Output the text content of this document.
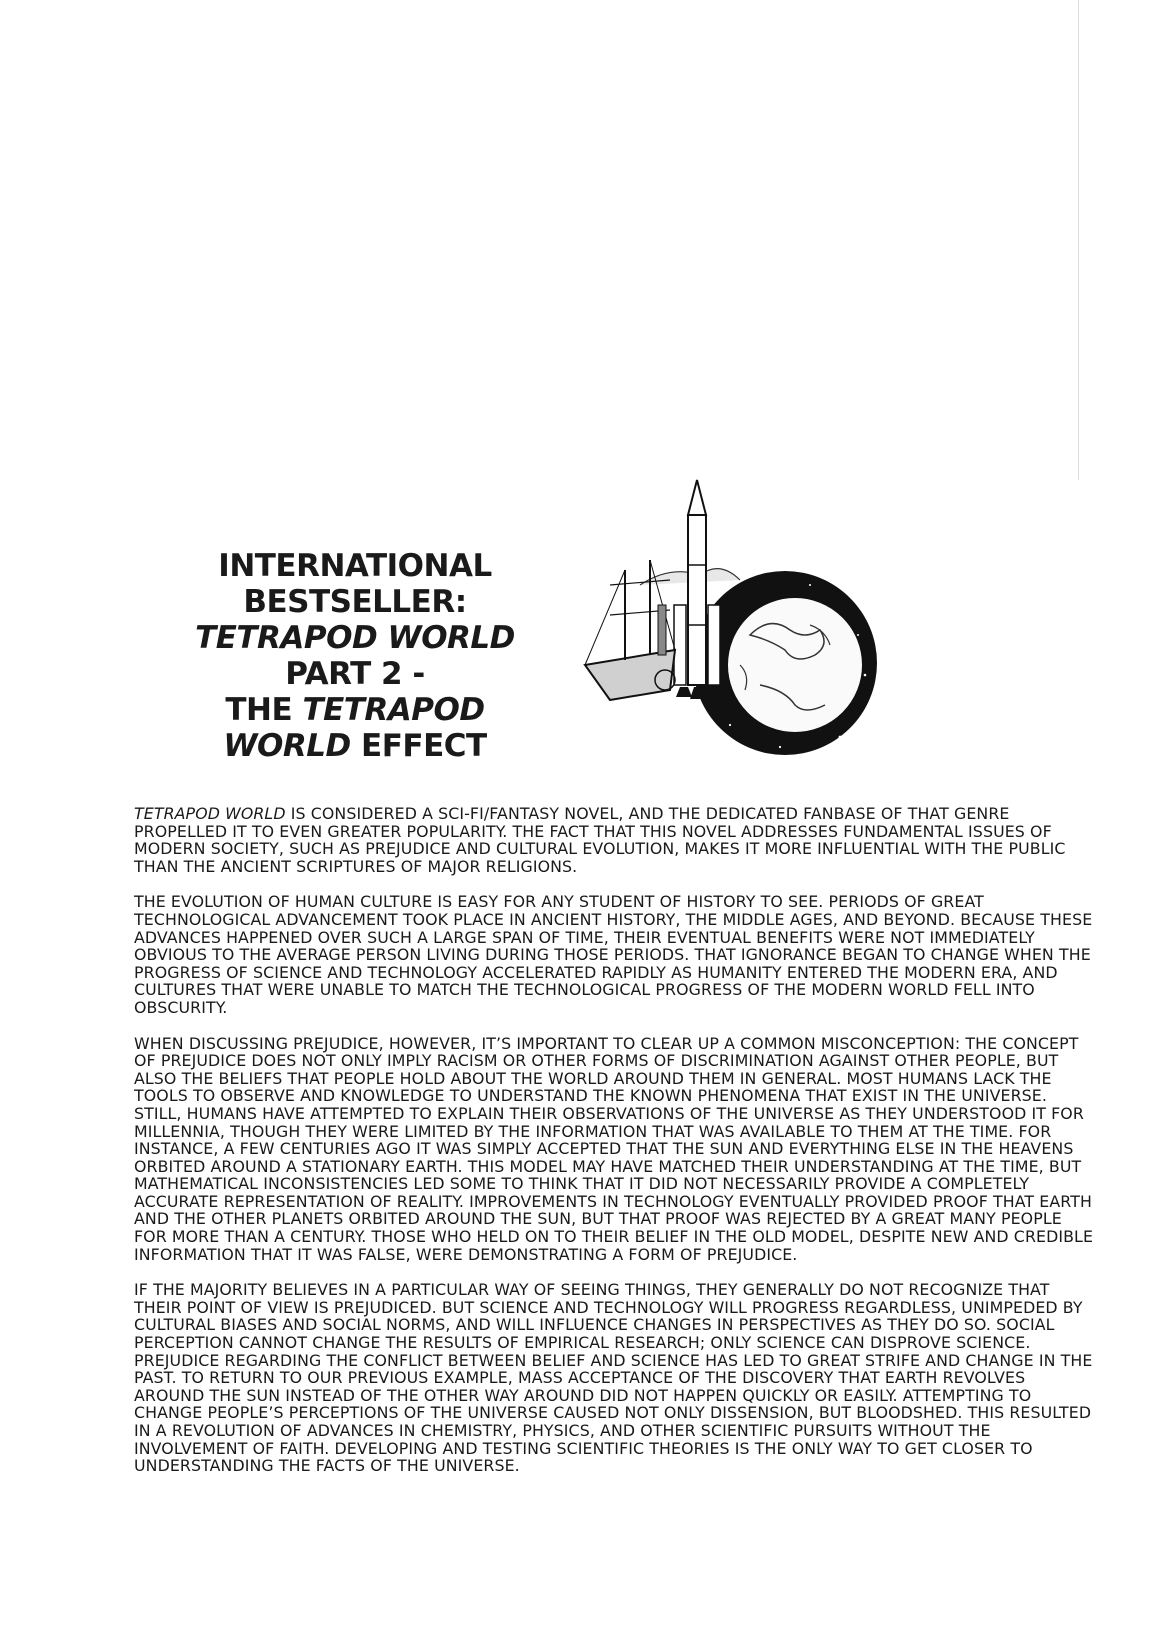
INTERNATIONAL
BESTSELLER:
TETRAPOD WORLD
PART 2 -
THE TETRAPOD
WORLD EFFECT

TETRAPOD WORLD IS CONSIDERED A SCI-FI/FANTASY NOVEL, AND THE DEDICATED FANBASE OF THAT GENRE PROPELLED IT TO EVEN GREATER POPULARITY. THE FACT THAT THIS NOVEL ADDRESSES FUNDAMENTAL ISSUES OF MODERN SOCIETY, SUCH AS PREJUDICE AND CULTURAL EVOLUTION, MAKES IT MORE INFLUENTIAL WITH THE PUBLIC THAN THE ANCIENT SCRIPTURES OF MAJOR RELIGIONS.

THE EVOLUTION OF HUMAN CULTURE IS EASY FOR ANY STUDENT OF HISTORY TO SEE. PERIODS OF GREAT TECHNOLOGICAL ADVANCEMENT TOOK PLACE IN ANCIENT HISTORY, THE MIDDLE AGES, AND BEYOND. BECAUSE THESE ADVANCES HAPPENED OVER SUCH A LARGE SPAN OF TIME, THEIR EVENTUAL BENEFITS WERE NOT IMMEDIATELY OBVIOUS TO THE AVERAGE PERSON LIVING DURING THOSE PERIODS. THAT IGNORANCE BEGAN TO CHANGE WHEN THE PROGRESS OF SCIENCE AND TECHNOLOGY ACCELERATED RAPIDLY AS HUMANITY ENTERED THE MODERN ERA, AND CULTURES THAT WERE UNABLE TO MATCH THE TECHNOLOGICAL PROGRESS OF THE MODERN WORLD FELL INTO OBSCURITY.

WHEN DISCUSSING PREJUDICE, HOWEVER, IT’S IMPORTANT TO CLEAR UP A COMMON MISCONCEPTION: THE CONCEPT OF PREJUDICE DOES NOT ONLY IMPLY RACISM OR OTHER FORMS OF DISCRIMINATION AGAINST OTHER PEOPLE, BUT ALSO THE BELIEFS THAT PEOPLE HOLD ABOUT THE WORLD AROUND THEM IN GENERAL. MOST HUMANS LACK THE TOOLS TO OBSERVE AND KNOWLEDGE TO UNDERSTAND THE KNOWN PHENOMENA THAT EXIST IN THE UNIVERSE. STILL, HUMANS HAVE ATTEMPTED TO EXPLAIN THEIR OBSERVATIONS OF THE UNIVERSE AS THEY UNDERSTOOD IT FOR MILLENNIA, THOUGH THEY WERE LIMITED BY THE INFORMATION THAT WAS AVAILABLE TO THEM AT THE TIME. FOR INSTANCE, A FEW CENTURIES AGO IT WAS SIMPLY ACCEPTED THAT THE SUN AND EVERYTHING ELSE IN THE HEAVENS ORBITED AROUND A STATIONARY EARTH. THIS MODEL MAY HAVE MATCHED THEIR UNDERSTANDING AT THE TIME, BUT MATHEMATICAL INCONSISTENCIES LED SOME TO THINK THAT IT DID NOT NECESSARILY PROVIDE A COMPLETELY ACCURATE REPRESENTATION OF REALITY. IMPROVEMENTS IN TECHNOLOGY EVENTUALLY PROVIDED PROOF THAT EARTH AND THE OTHER PLANETS ORBITED AROUND THE SUN, BUT THAT PROOF WAS REJECTED BY A GREAT MANY PEOPLE FOR MORE THAN A CENTURY. THOSE WHO HELD ON TO THEIR BELIEF IN THE OLD MODEL, DESPITE NEW AND CREDIBLE INFORMATION THAT IT WAS FALSE, WERE DEMONSTRATING A FORM OF PREJUDICE.

IF THE MAJORITY BELIEVES IN A PARTICULAR WAY OF SEEING THINGS, THEY GENERALLY DO NOT RECOGNIZE THAT THEIR POINT OF VIEW IS PREJUDICED. BUT SCIENCE AND TECHNOLOGY WILL PROGRESS REGARDLESS, UNIMPEDED BY CULTURAL BIASES AND SOCIAL NORMS, AND WILL INFLUENCE CHANGES IN PERSPECTIVES AS THEY DO SO. SOCIAL PERCEPTION CANNOT CHANGE THE RESULTS OF EMPIRICAL RESEARCH; ONLY SCIENCE CAN DISPROVE SCIENCE. PREJUDICE REGARDING THE CONFLICT BETWEEN BELIEF AND SCIENCE HAS LED TO GREAT STRIFE AND CHANGE IN THE PAST. TO RETURN TO OUR PREVIOUS EXAMPLE, MASS ACCEPTANCE OF THE DISCOVERY THAT EARTH REVOLVES AROUND THE SUN INSTEAD OF THE OTHER WAY AROUND DID NOT HAPPEN QUICKLY OR EASILY. ATTEMPTING TO CHANGE PEOPLE’S PERCEPTIONS OF THE UNIVERSE CAUSED NOT ONLY DISSENSION, BUT BLOODSHED. THIS RESULTED IN A REVOLUTION OF ADVANCES IN CHEMISTRY, PHYSICS, AND OTHER SCIENTIFIC PURSUITS WITHOUT THE INVOLVEMENT OF FAITH. DEVELOPING AND TESTING SCIENTIFIC THEORIES IS THE ONLY WAY TO GET CLOSER TO UNDERSTANDING THE FACTS OF THE UNIVERSE.
